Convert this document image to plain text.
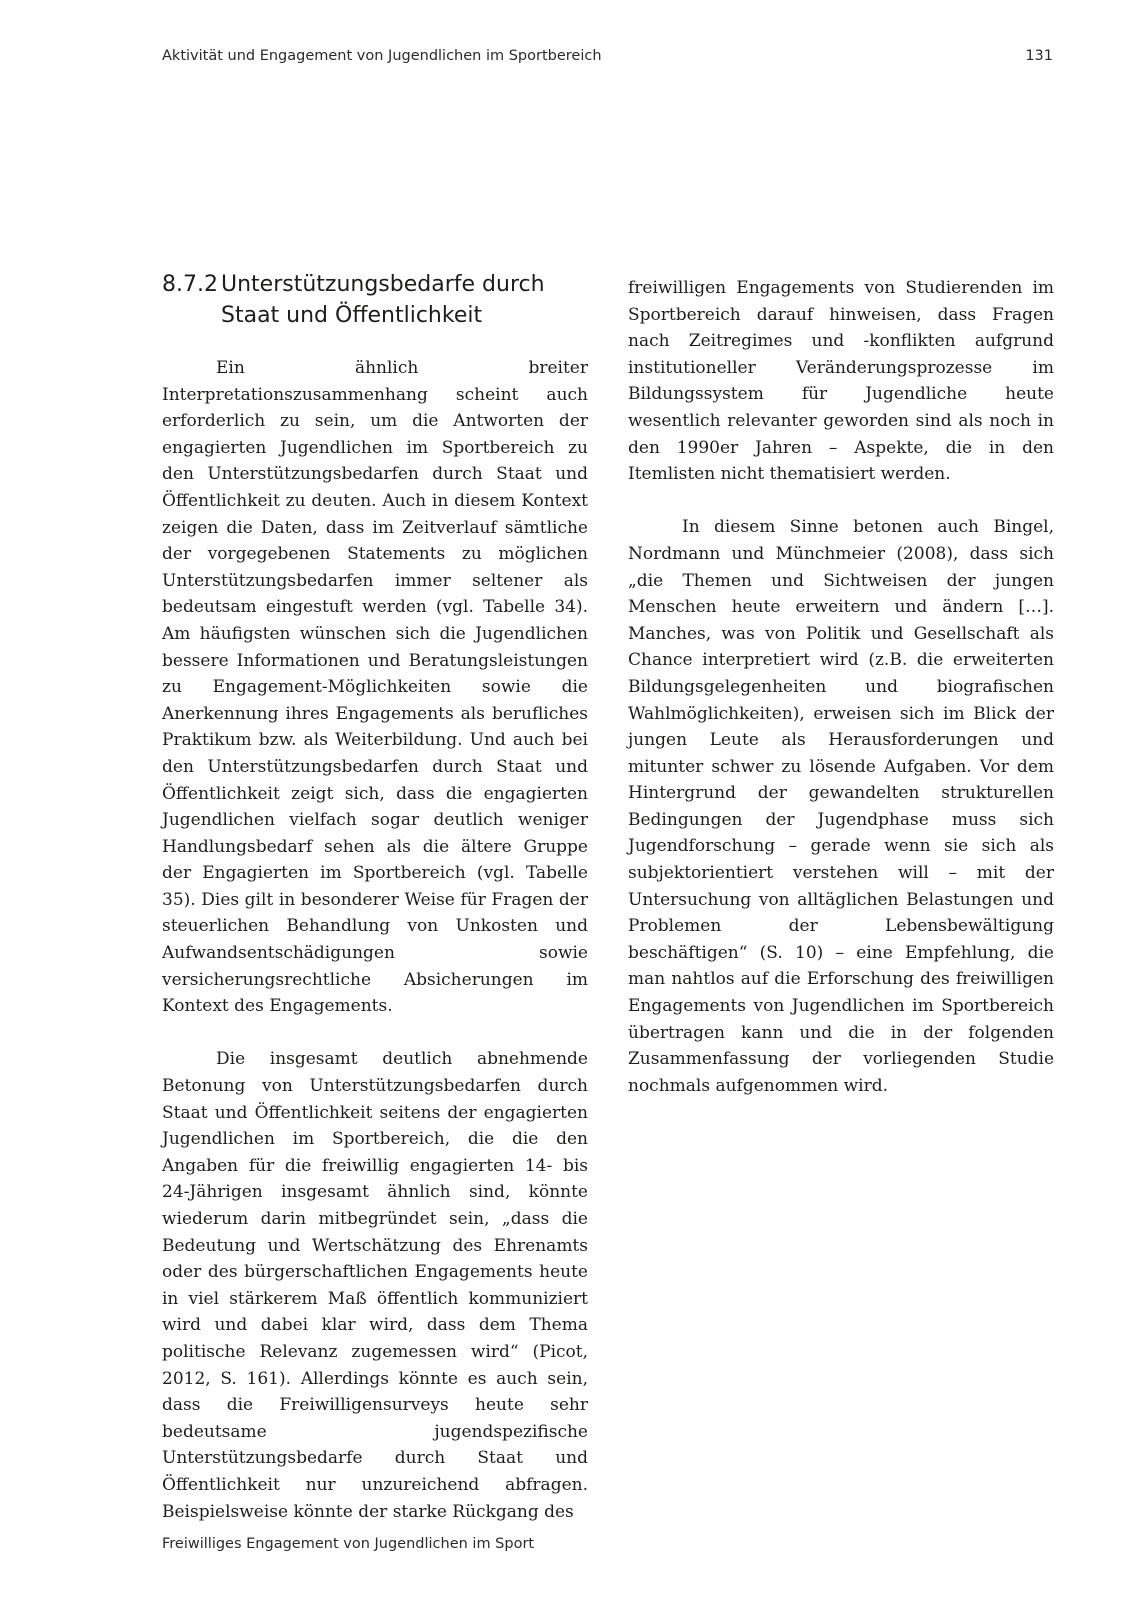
Aktivität und Engagement von Jugendlichen im Sportbereich	131
8.7.2 Unterstützungsbedarfe durch
Staat und Öffentlichkeit

Ein ähnlich breiter Interpretationszusammenhang scheint auch erforderlich zu sein, um die Antworten der engagierten Jugendlichen im Sportbereich zu den Unterstützungsbedarfen durch Staat und Öffentlichkeit zu deuten. Auch in diesem Kontext zeigen die Daten, dass im Zeitverlauf sämtliche der vorgegebenen Statements zu möglichen Unterstützungsbedarfen immer seltener als bedeutsam eingestuft werden (vgl. Tabelle 34). Am häufigsten wünschen sich die Jugendlichen bessere Informationen und Beratungsleistungen zu Engagement-Möglichkeiten sowie die Anerkennung ihres Engagements als berufliches Praktikum bzw. als Weiterbildung. Und auch bei den Unterstützungsbedarfen durch Staat und Öffentlichkeit zeigt sich, dass die engagierten Jugendlichen vielfach sogar deutlich weniger Handlungsbedarf sehen als die ältere Gruppe der Engagierten im Sportbereich (vgl. Tabelle 35). Dies gilt in besonderer Weise für Fragen der steuerlichen Behandlung von Unkosten und Aufwandsentschädigungen sowie versicherungsrechtliche Absicherungen im Kontext des Engagements.

Die insgesamt deutlich abnehmende Betonung von Unterstützungsbedarfen durch Staat und Öffentlichkeit seitens der engagierten Jugendlichen im Sportbereich, die die den Angaben für die freiwillig engagierten 14- bis 24-Jährigen insgesamt ähnlich sind, könnte wiederum darin mitbegründet sein, „dass die Bedeutung und Wertschätzung des Ehrenamts oder des bürgerschaftlichen Engagements heute in viel stärkerem Maß öffentlich kommuniziert wird und dabei klar wird, dass dem Thema politische Relevanz zugemessen wird“ (Picot, 2012, S. 161). Allerdings könnte es auch sein, dass die Freiwilligensurveys heute sehr bedeutsame jugendspezifische Unterstützungsbedarfe durch Staat und Öffentlichkeit nur unzureichend abfragen. Beispielsweise könnte der starke Rückgang des

freiwilligen Engagements von Studierenden im Sportbereich darauf hinweisen, dass Fragen nach Zeitregimes und -konflikten aufgrund institutioneller Veränderungsprozesse im Bildungssystem für Jugendliche heute wesentlich relevanter geworden sind als noch in den 1990er Jahren – Aspekte, die in den Itemlisten nicht thematisiert werden.

In diesem Sinne betonen auch Bingel, Nordmann und Münchmeier (2008), dass sich „die Themen und Sichtweisen der jungen Menschen heute erweitern und ändern […]. Manches, was von Politik und Gesellschaft als Chance interpretiert wird (z.B. die erweiterten Bildungsgelegenheiten und biografischen Wahlmöglichkeiten), erweisen sich im Blick der jungen Leute als Herausforderungen und mitunter schwer zu lösende Aufgaben. Vor dem Hintergrund der gewandelten strukturellen Bedingungen der Jugendphase muss sich Jugendforschung – gerade wenn sie sich als subjektorientiert verstehen will – mit der Untersuchung von alltäglichen Belastungen und Problemen der Lebensbewältigung beschäftigen“ (S. 10) – eine Empfehlung, die man nahtlos auf die Erforschung des freiwilligen Engagements von Jugendlichen im Sportbereich übertragen kann und die in der folgenden Zusammenfassung der vorliegenden Studie nochmals aufgenommen wird.

Freiwilliges Engagement von Jugendlichen im Sport
